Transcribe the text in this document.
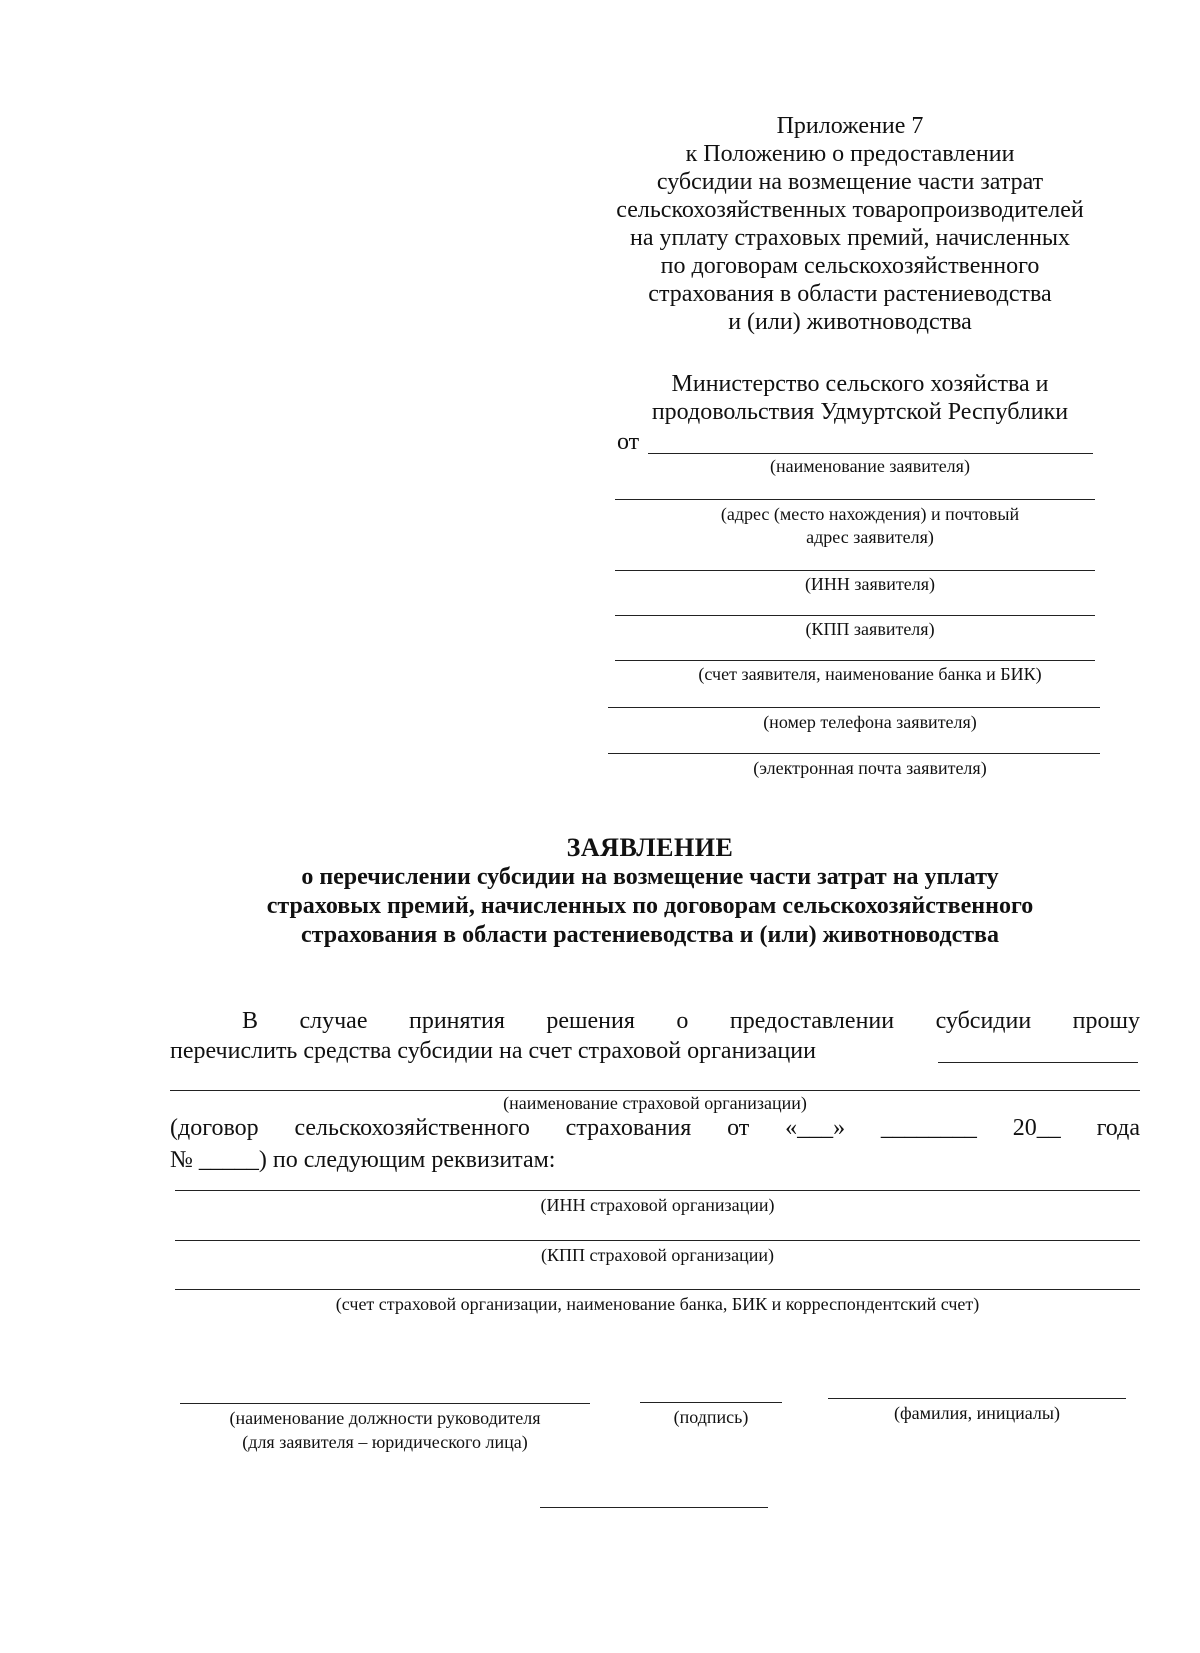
Приложение 7
к Положению о предоставлении
субсидии на возмещение части затрат
сельскохозяйственных товаропроизводителей
на уплату страховых премий, начисленных
по договорам сельскохозяйственного
страхования в области растениеводства
и (или) животноводства
Министерство сельского хозяйства и
продовольствия Удмуртской Республики
от
(наименование заявителя)
(адрес (место нахождения) и почтовый
адрес заявителя)
(ИНН заявителя)
(КПП заявителя)
(счет заявителя, наименование банка и БИК)
(номер телефона заявителя)
(электронная почта заявителя)
ЗАЯВЛЕНИЕ
о перечислении субсидии на возмещение части затрат на уплату
страховых премий, начисленных по договорам сельскохозяйственного
страхования в области растениеводства и (или) животноводства
В случае принятия решения о предоставлении субсидии прошу
перечислить средства субсидии на счет страховой организации
(наименование страховой организации)
(договор сельскохозяйственного страхования от «___» ________ 20__ года
№ _____) по следующим реквизитам:
(ИНН страховой организации)
(КПП страховой организации)
(счет страховой организации, наименование банка, БИК и корреспондентский счет)
(наименование должности руководителя
(для заявителя – юридического лица)
(подпись)	(фамилия, инициалы)
